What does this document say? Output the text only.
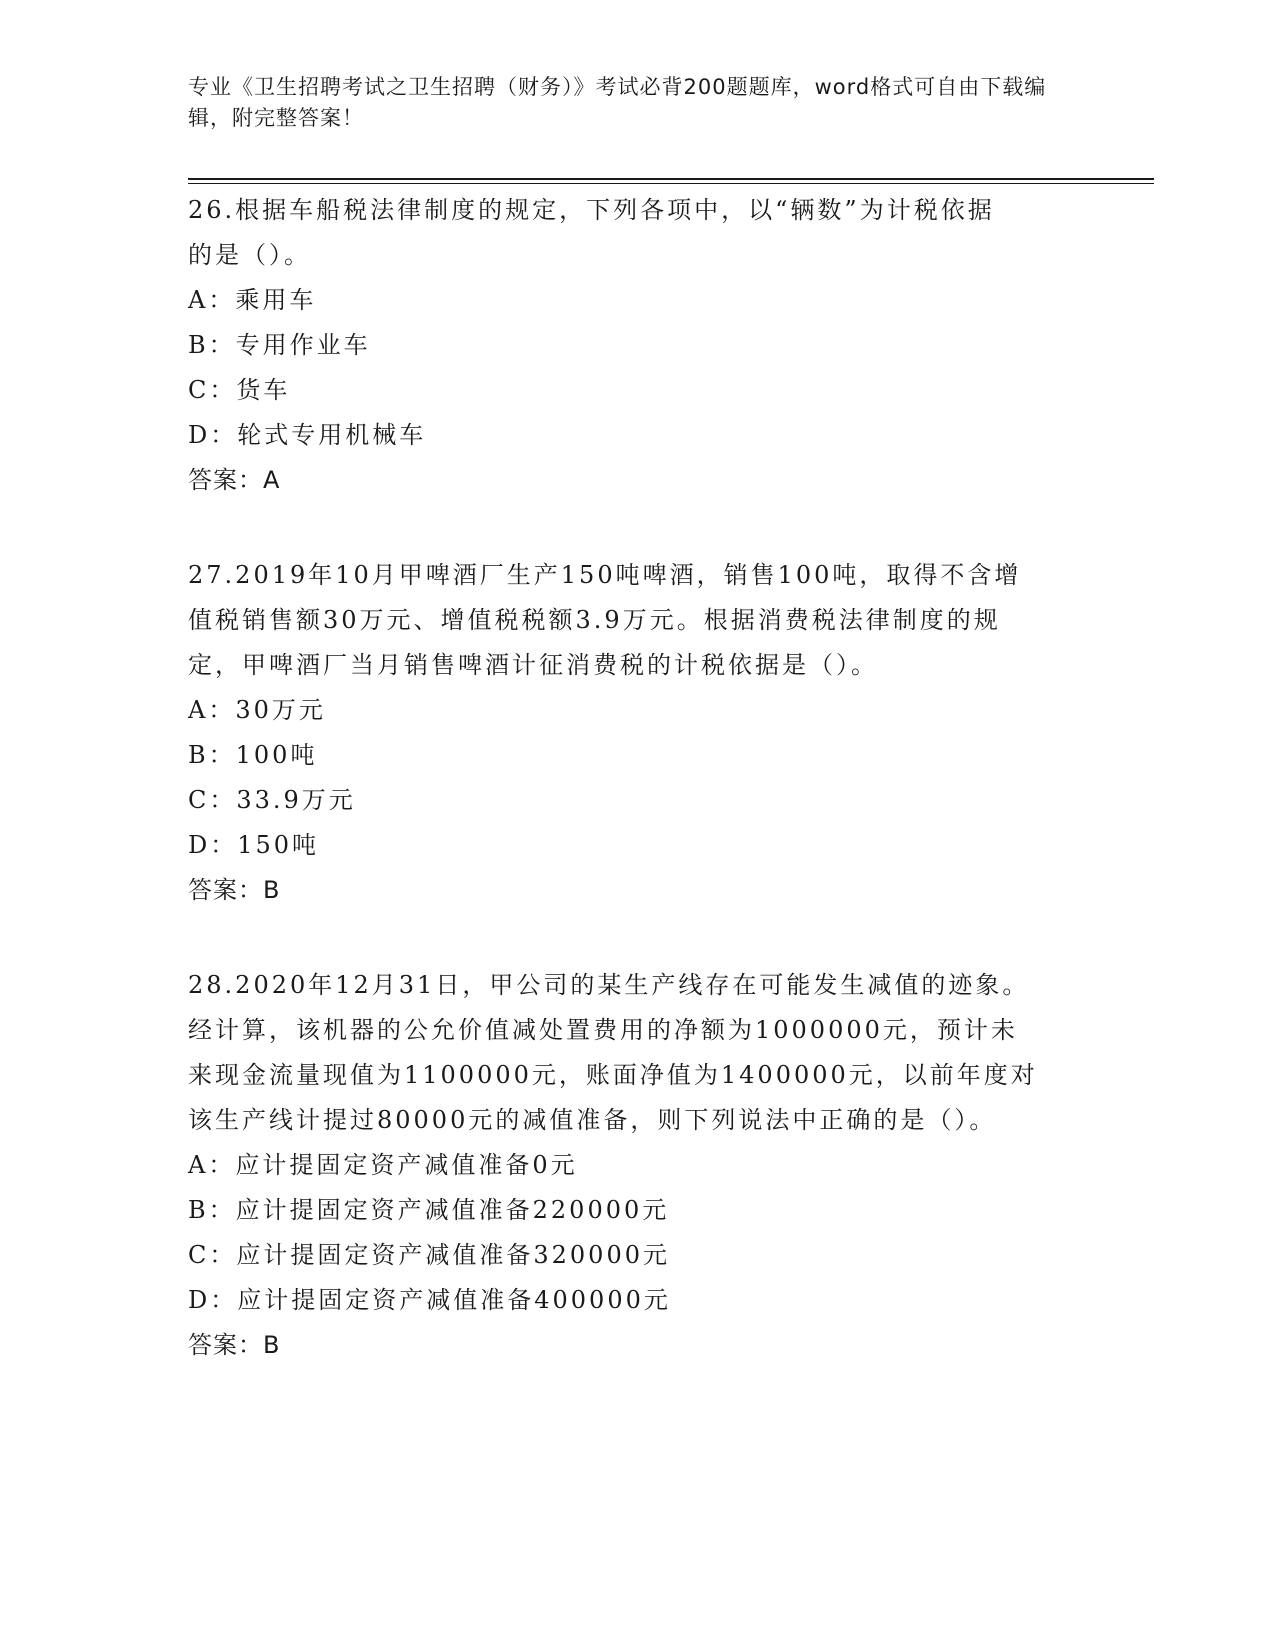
专业《卫生招聘考试之卫生招聘（财务）》考试必背200题题库，word格式可自由下载编辑，附完整答案！

26.根据车船税法律制度的规定，下列各项中，以“辆数”为计税依据

的是（）。

A：乘用车

B：专用作业车

C：货车

D：轮式专用机械车

答案：A

27.2019年10月甲啤酒厂生产150吨啤酒，销售100吨，取得不含增

值税销售额30万元、增值税税额3.9万元。根据消费税法律制度的规

定，甲啤酒厂当月销售啤酒计征消费税的计税依据是（）。

A：30万元

B：100吨

C：33.9万元

D：150吨

答案：B

28.2020年12月31日，甲公司的某生产线存在可能发生减值的迹象。

经计算，该机器的公允价值减处置费用的净额为1000000元，预计未

来现金流量现值为1100000元，账面净值为1400000元，以前年度对

该生产线计提过80000元的减值准备，则下列说法中正确的是（）。

A：应计提固定资产减值准备0元

B：应计提固定资产减值准备220000元

C：应计提固定资产减值准备320000元

D：应计提固定资产减值准备400000元

答案：B
